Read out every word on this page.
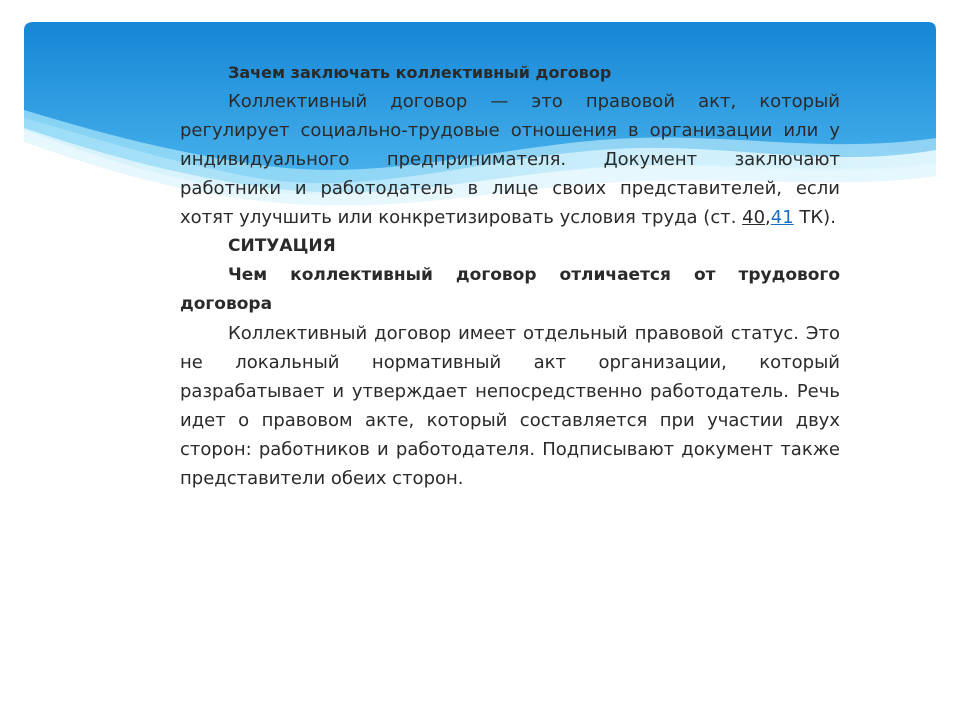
Зачем заключать коллективный договор

Коллективный договор — это правовой акт, который регулирует социально-трудовые отношения в организации или у индивидуального предпринимателя. Документ заключают работники и работодатель в лице своих представителей, если хотят улучшить или конкретизировать условия труда (ст. 40,41 ТК).

СИТУАЦИЯ

Чем коллективный договор отличается от трудового договора

Коллективный договор имеет отдельный правовой статус. Это не локальный нормативный акт организации, который разрабатывает и утверждает непосредственно работодатель. Речь идет о правовом акте, который составляется при участии двух сторон: работников и работодателя. Подписывают документ также представители обеих сторон.
